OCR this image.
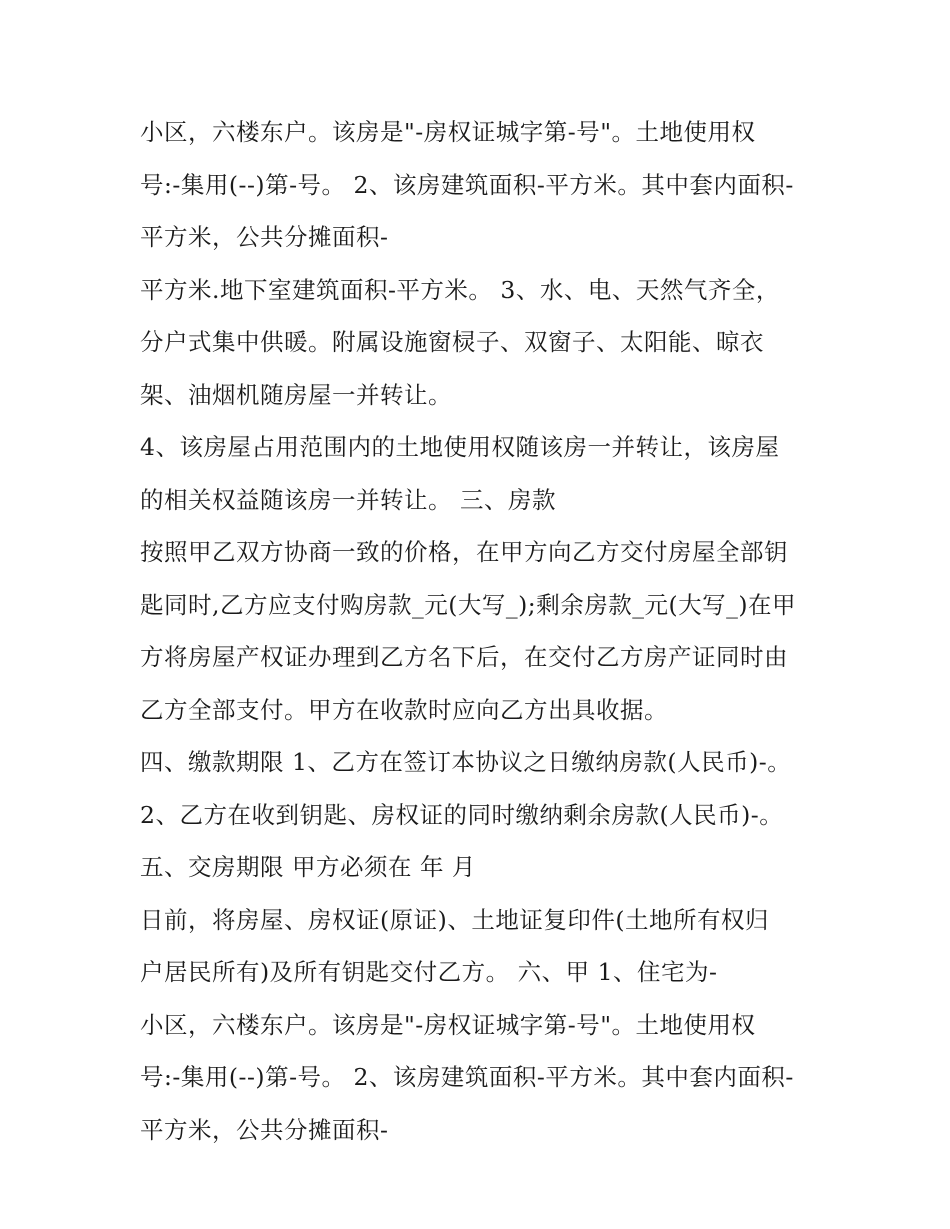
小区，六楼东户。该房是"-房权证城字第-号"。土地使用权
号:-集用(--)第-号。 2、该房建筑面积-平方米。其中套内面积-
平方米，公共分摊面积-
平方米.地下室建筑面积-平方米。 3、水、电、天然气齐全，
分户式集中供暖。附属设施窗棂子、双窗子、太阳能、晾衣
架、油烟机随房屋一并转让。
4、该房屋占用范围内的土地使用权随该房一并转让，该房屋
的相关权益随该房一并转让。 三、房款
按照甲乙双方协商一致的价格，在甲方向乙方交付房屋全部钥
匙同时,乙方应支付购房款_元(大写_);剩余房款_元(大写_)在甲
方将房屋产权证办理到乙方名下后，在交付乙方房产证同时由
乙方全部支付。甲方在收款时应向乙方出具收据。
四、缴款期限 1、乙方在签订本协议之日缴纳房款(人民币)-。
2、乙方在收到钥匙、房权证的同时缴纳剩余房款(人民币)-。
五、交房期限 甲方必须在 年 月
日前，将房屋、房权证(原证)、土地证复印件(土地所有权归
户居民所有)及所有钥匙交付乙方。 六、甲 1、住宅为-
小区，六楼东户。该房是"-房权证城字第-号"。土地使用权
号:-集用(--)第-号。 2、该房建筑面积-平方米。其中套内面积-
平方米，公共分摊面积-
